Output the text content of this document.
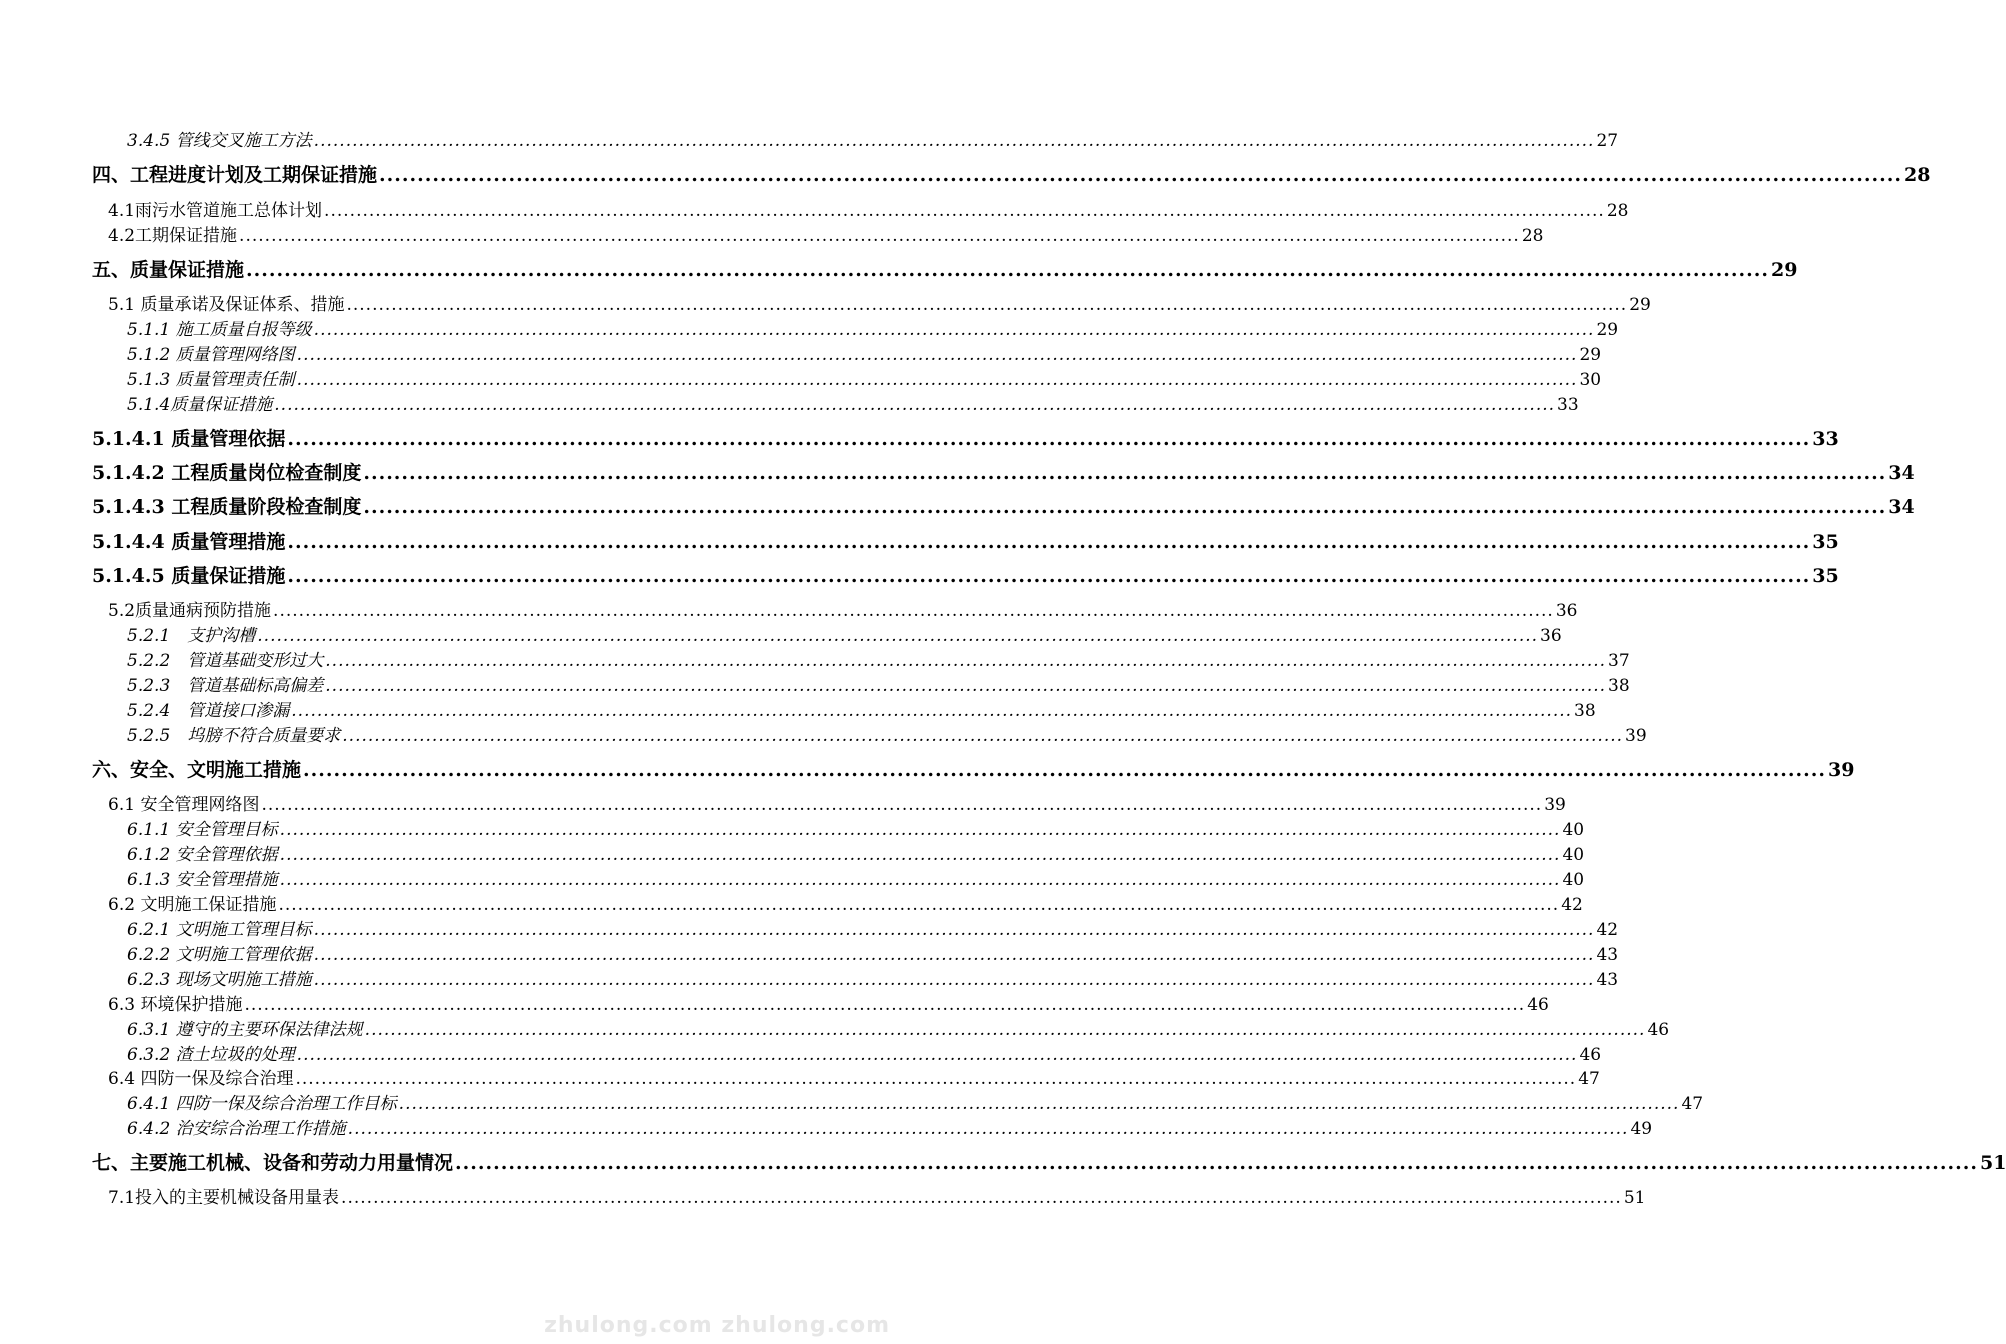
3.4.5 管线交叉施工方法 ........................................................................................................................................................................................................ 27
四、工程进度计划及工期保证措施 ........................................................................................................................................................................................................ 28
4.1雨污水管道施工总体计划 ........................................................................................................................................................................................................ 28
4.2工期保证措施 ........................................................................................................................................................................................................ 28
五、质量保证措施 ........................................................................................................................................................................................................ 29
5.1 质量承诺及保证体系、措施 ........................................................................................................................................................................................................ 29
5.1.1 施工质量自报等级 ........................................................................................................................................................................................................ 29
5.1.2 质量管理网络图 ........................................................................................................................................................................................................ 29
5.1.3 质量管理责任制 ........................................................................................................................................................................................................ 30
5.1.4质量保证措施 ........................................................................................................................................................................................................ 33
5.1.4.1 质量管理依据 ........................................................................................................................................................................................................ 33
5.1.4.2 工程质量岗位检查制度 ........................................................................................................................................................................................................ 34
5.1.4.3 工程质量阶段检查制度 ........................................................................................................................................................................................................ 34
5.1.4.4 质量管理措施 ........................................................................................................................................................................................................ 35
5.1.4.5 质量保证措施 ........................................................................................................................................................................................................ 35
5.2质量通病预防措施 ........................................................................................................................................................................................................ 36
5.2.1　支护沟槽 ........................................................................................................................................................................................................ 36
5.2.2　管道基础变形过大 ........................................................................................................................................................................................................ 37
5.2.3　管道基础标高偏差 ........................................................................................................................................................................................................ 38
5.2.4　管道接口渗漏 ........................................................................................................................................................................................................ 38
5.2.5　坞膀不符合质量要求 ........................................................................................................................................................................................................ 39
六、安全、文明施工措施 ........................................................................................................................................................................................................ 39
6.1 安全管理网络图 ........................................................................................................................................................................................................ 39
6.1.1 安全管理目标 ........................................................................................................................................................................................................ 40
6.1.2 安全管理依据 ........................................................................................................................................................................................................ 40
6.1.3 安全管理措施 ........................................................................................................................................................................................................ 40
6.2 文明施工保证措施 ........................................................................................................................................................................................................ 42
6.2.1 文明施工管理目标 ........................................................................................................................................................................................................ 42
6.2.2 文明施工管理依据 ........................................................................................................................................................................................................ 43
6.2.3 现场文明施工措施 ........................................................................................................................................................................................................ 43
6.3 环境保护措施 ........................................................................................................................................................................................................ 46
6.3.1 遵守的主要环保法律法规 ........................................................................................................................................................................................................ 46
6.3.2 渣土垃圾的处理 ........................................................................................................................................................................................................ 46
6.4 四防一保及综合治理 ........................................................................................................................................................................................................ 47
6.4.1 四防一保及综合治理工作目标 ........................................................................................................................................................................................................ 47
6.4.2 治安综合治理工作措施 ........................................................................................................................................................................................................ 49
七、主要施工机械、设备和劳动力用量情况 ........................................................................................................................................................................................................ 51
7.1投入的主要机械设备用量表 ........................................................................................................................................................................................................ 51
zhulong.com zhulong.com
